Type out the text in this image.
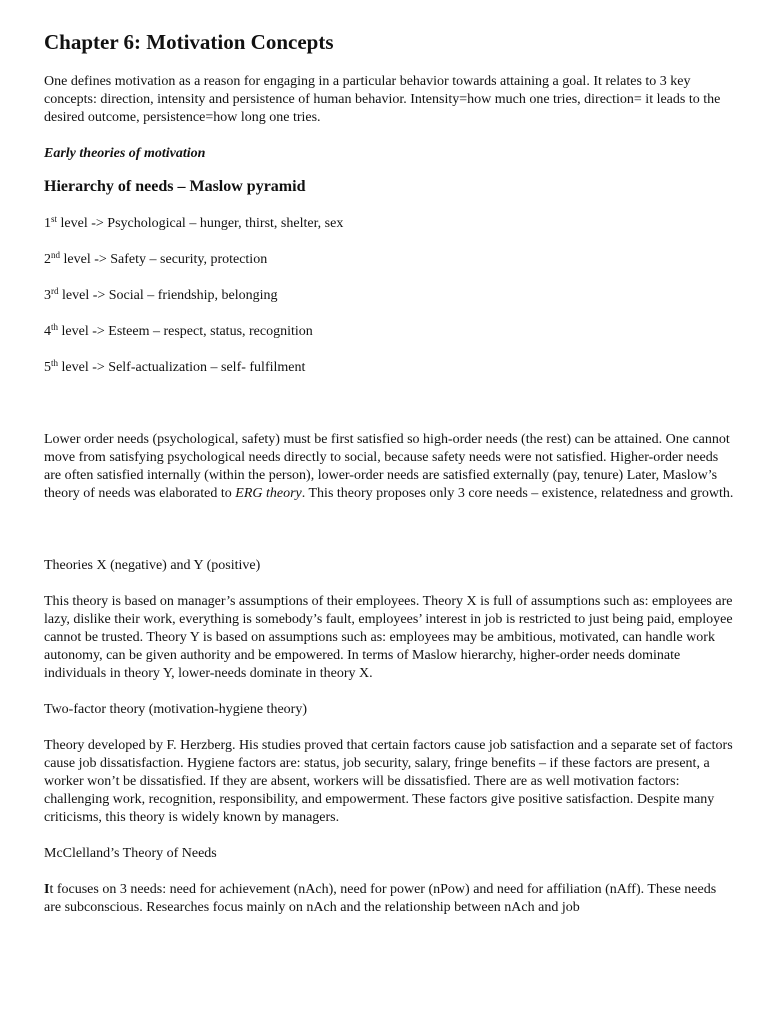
Chapter 6: Motivation Concepts

One defines motivation as a reason for engaging in a particular behavior towards attaining a goal. It relates to 3 key concepts: direction, intensity and persistence of human behavior. Intensity=how much one tries, direction= it leads to the desired outcome, persistence=how long one tries.

Early theories of motivation

Hierarchy of needs – Maslow pyramid

1st level -> Psychological – hunger, thirst, shelter, sex

2nd level -> Safety – security, protection

3rd level -> Social – friendship, belonging

4th level -> Esteem – respect, status, recognition

5th level -> Self-actualization – self- fulfilment

Lower order needs (psychological, safety) must be first satisfied so high-order needs (the rest) can be attained. One cannot move from satisfying psychological needs directly to social, because safety needs were not satisfied. Higher-order needs are often satisfied internally (within the person), lower-order needs are satisfied externally (pay, tenure) Later, Maslow’s theory of needs was elaborated to ERG theory. This theory proposes only 3 core needs – existence, relatedness and growth.

Theories X (negative) and Y (positive)

This theory is based on manager’s assumptions of their employees. Theory X is full of assumptions such as: employees are lazy, dislike their work, everything is somebody’s fault, employees’ interest in job is restricted to just being paid, employee cannot be trusted. Theory Y is based on assumptions such as: employees may be ambitious, motivated, can handle work autonomy, can be given authority and be empowered. In terms of Maslow hierarchy, higher-order needs dominate individuals in theory Y, lower-needs dominate in theory X.

Two-factor theory (motivation-hygiene theory)

Theory developed by F. Herzberg. His studies proved that certain factors cause job satisfaction and a separate set of factors cause job dissatisfaction. Hygiene factors are: status, job security, salary, fringe benefits – if these factors are present, a worker won’t be dissatisfied. If they are absent, workers will be dissatisfied. There are as well motivation factors: challenging work, recognition, responsibility, and empowerment. These factors give positive satisfaction. Despite many criticisms, this theory is widely known by managers.

McClelland’s Theory of Needs

It focuses on 3 needs: need for achievement (nAch), need for power (nPow) and need for affiliation (nAff). These needs are subconscious. Researches focus mainly on nAch and the relationship between nAch and job
